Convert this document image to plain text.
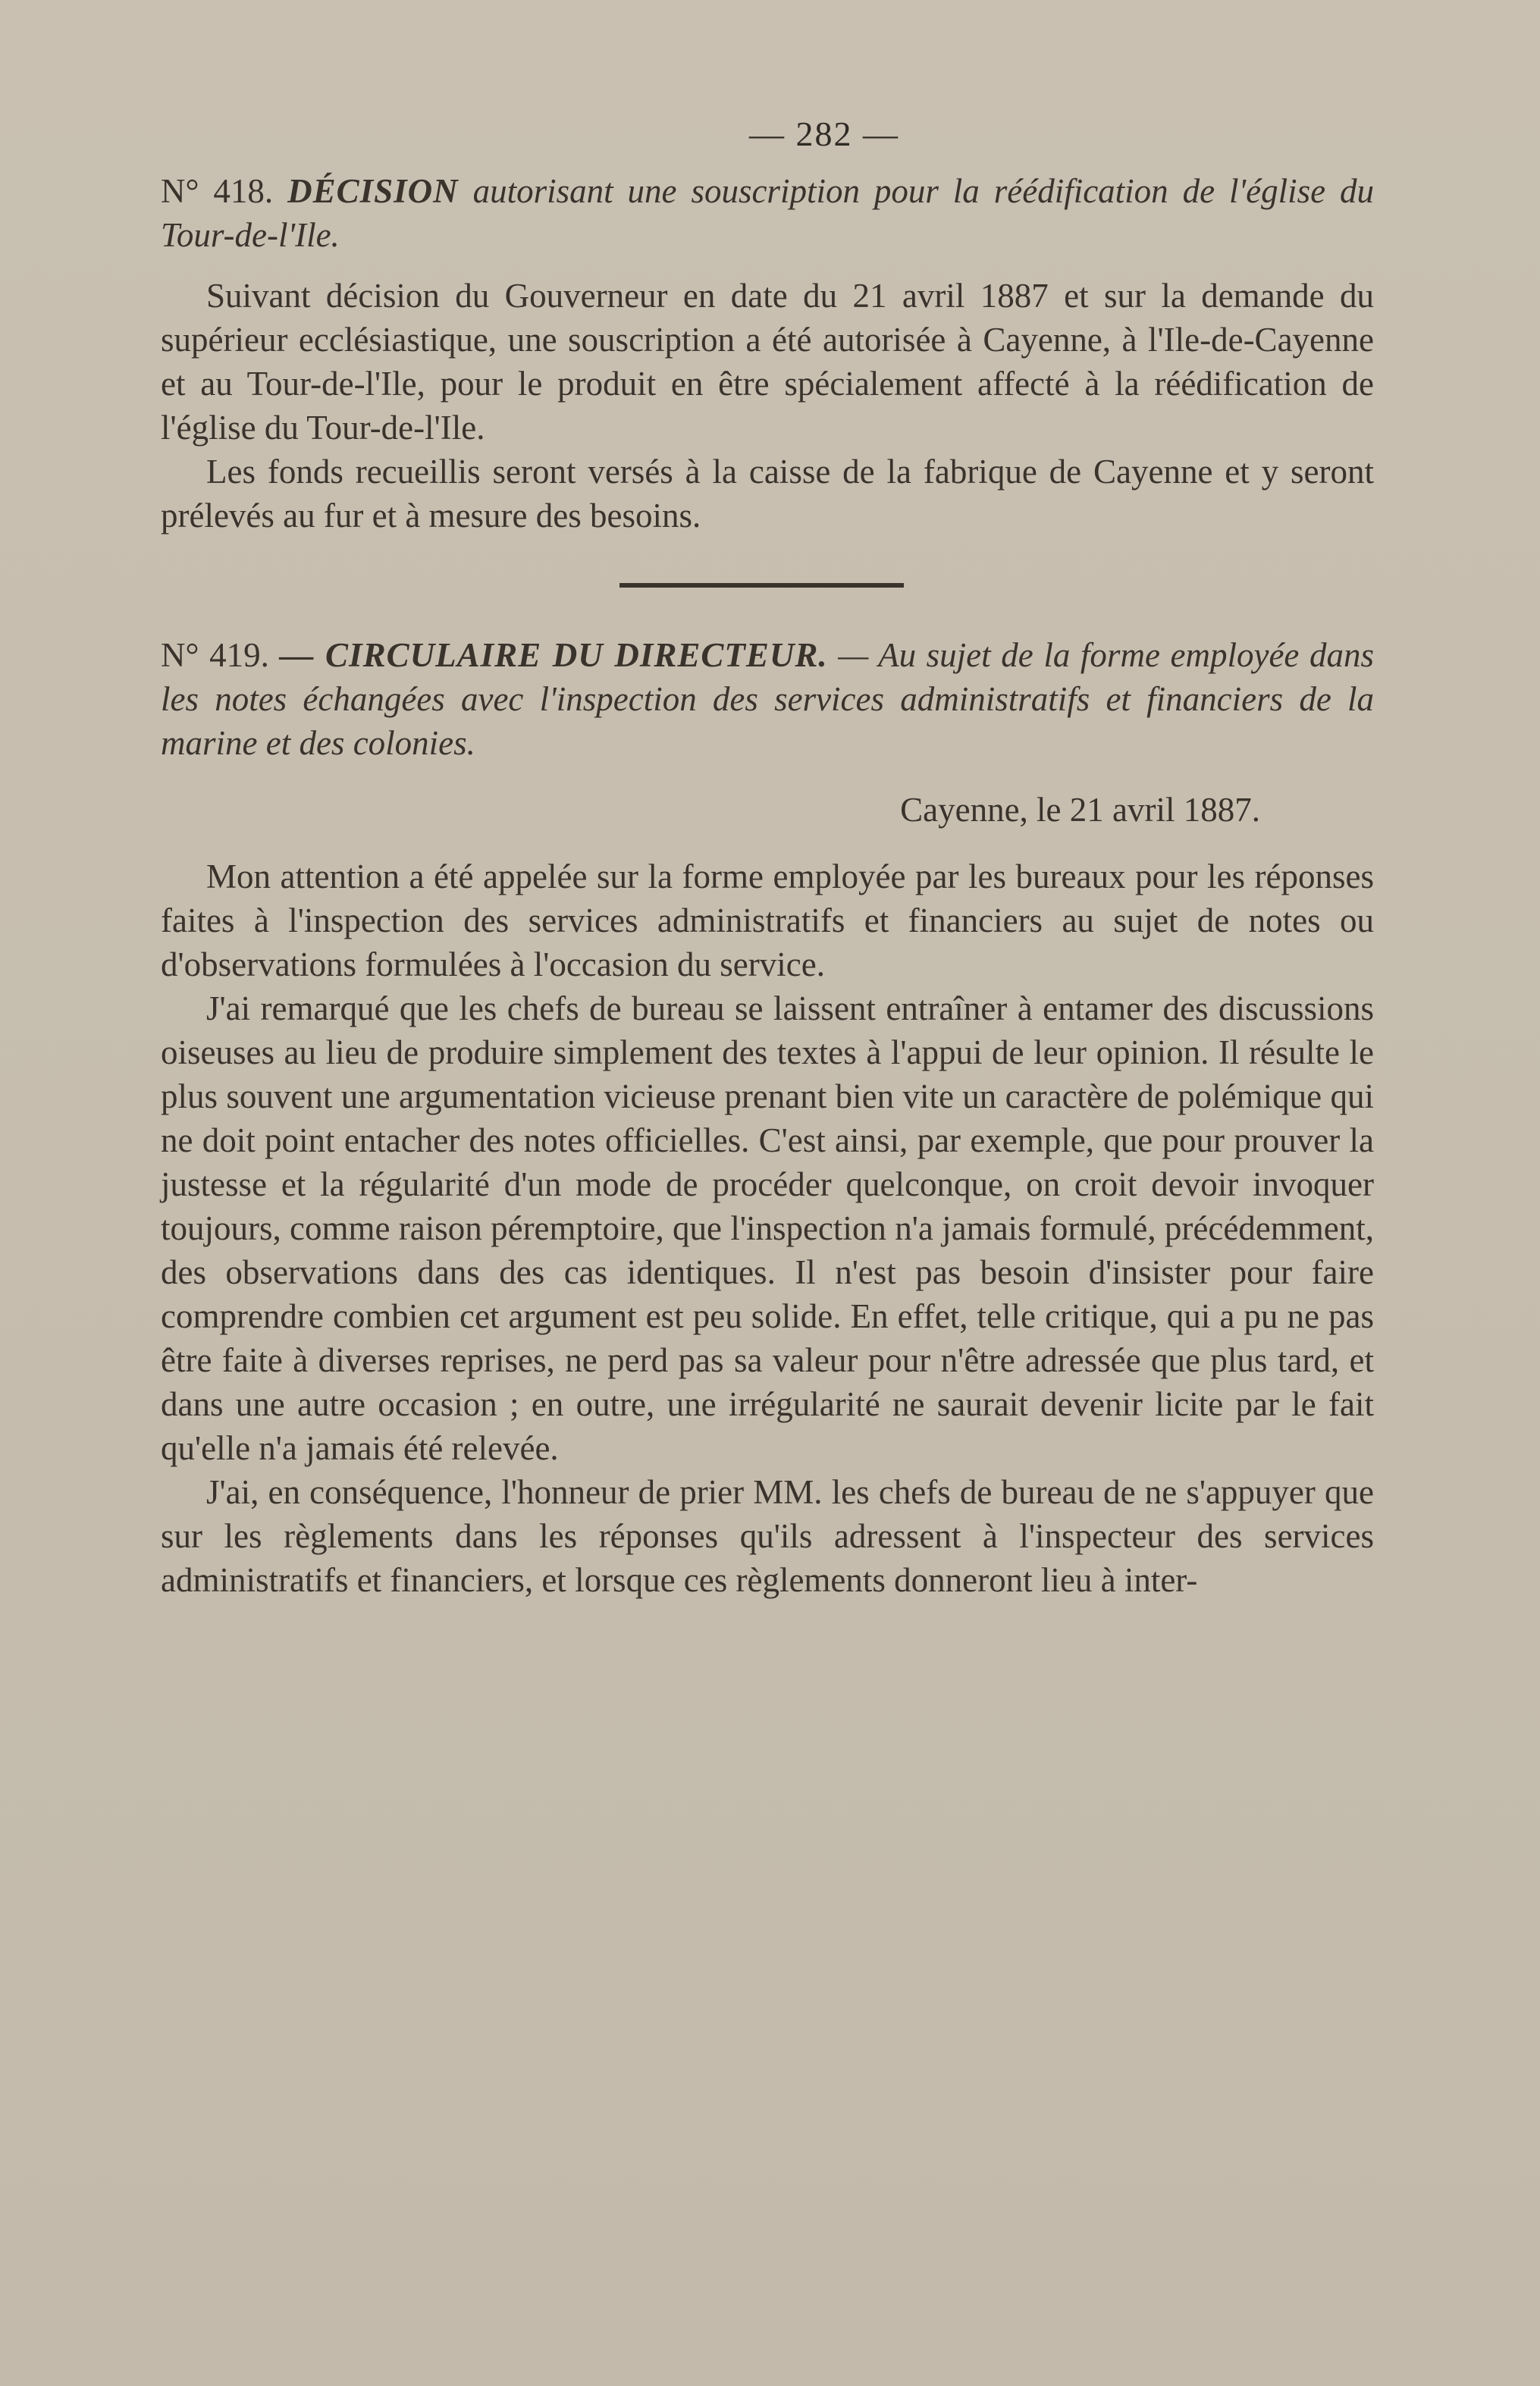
— 282 —

N° 418. DÉCISION autorisant une souscription pour la réédification de l'église du Tour-de-l'Ile.

Suivant décision du Gouverneur en date du 21 avril 1887 et sur la demande du supérieur ecclésiastique, une souscription a été autorisée à Cayenne, à l'Ile-de-Cayenne et au Tour-de-l'Ile, pour le produit en être spécialement affecté à la réédification de l'église du Tour-de-l'Ile.

Les fonds recueillis seront versés à la caisse de la fabrique de Cayenne et y seront prélevés au fur et à mesure des besoins.

N° 419. — CIRCULAIRE DU DIRECTEUR. — Au sujet de la forme employée dans les notes échangées avec l'inspection des services administratifs et financiers de la marine et des colonies.

Cayenne, le 21 avril 1887.

Mon attention a été appelée sur la forme employée par les bureaux pour les réponses faites à l'inspection des services administratifs et financiers au sujet de notes ou d'observations formulées à l'occasion du service.

J'ai remarqué que les chefs de bureau se laissent entraîner à entamer des discussions oiseuses au lieu de produire simplement des textes à l'appui de leur opinion. Il résulte le plus souvent une argumentation vicieuse prenant bien vite un caractère de polémique qui ne doit point entacher des notes officielles. C'est ainsi, par exemple, que pour prouver la justesse et la régularité d'un mode de procéder quelconque, on croit devoir invoquer toujours, comme raison péremptoire, que l'inspection n'a jamais formulé, précédemment, des observations dans des cas identiques. Il n'est pas besoin d'insister pour faire comprendre combien cet argument est peu solide. En effet, telle critique, qui a pu ne pas être faite à diverses reprises, ne perd pas sa valeur pour n'être adressée que plus tard, et dans une autre occasion ; en outre, une irrégularité ne saurait devenir licite par le fait qu'elle n'a jamais été relevée.

J'ai, en conséquence, l'honneur de prier MM. les chefs de bureau de ne s'appuyer que sur les règlements dans les réponses qu'ils adressent à l'inspecteur des services administratifs et financiers, et lorsque ces règlements donneront lieu à inter-
